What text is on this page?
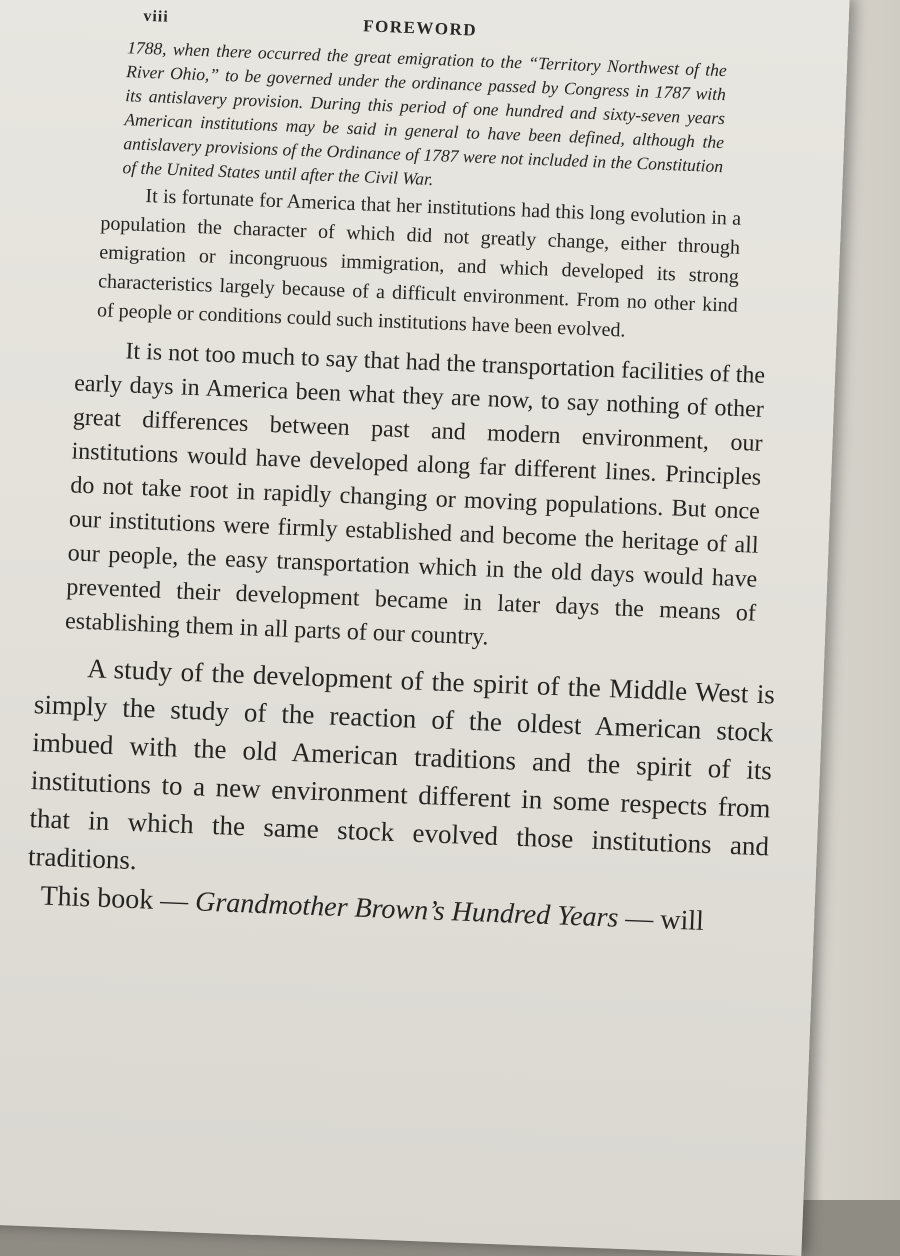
viii	FOREWORD

1788, when there occurred the great emigration to the “Territory Northwest of the River Ohio,” to be governed under the ordinance passed by Congress in 1787 with its antislavery provision. During this period of one hundred and sixty-seven years American institutions may be said in general to have been defined, although the antislavery provisions of the Ordinance of 1787 were not included in the Constitution of the United States until after the Civil War.

It is fortunate for America that her institutions had this long evolution in a population the character of which did not greatly change, either through emigration or incongruous immigration, and which developed its strong characteristics largely because of a difficult environment. From no other kind of people or conditions could such institutions have been evolved.

It is not too much to say that had the transportation facilities of the early days in America been what they are now, to say nothing of other great differences between past and modern environment, our institutions would have developed along far different lines. Principles do not take root in rapidly changing or moving populations. But once our institutions were firmly established and become the heritage of all our people, the easy transportation which in the old days would have prevented their development became in later days the means of establishing them in all parts of our country.

A study of the development of the spirit of the Middle West is simply the study of the reaction of the oldest American stock imbued with the old American traditions and the spirit of its institutions to a new environment different in some respects from that in which the same stock evolved those institutions and traditions.

This book — Grandmother Brown’s Hundred Years — will
